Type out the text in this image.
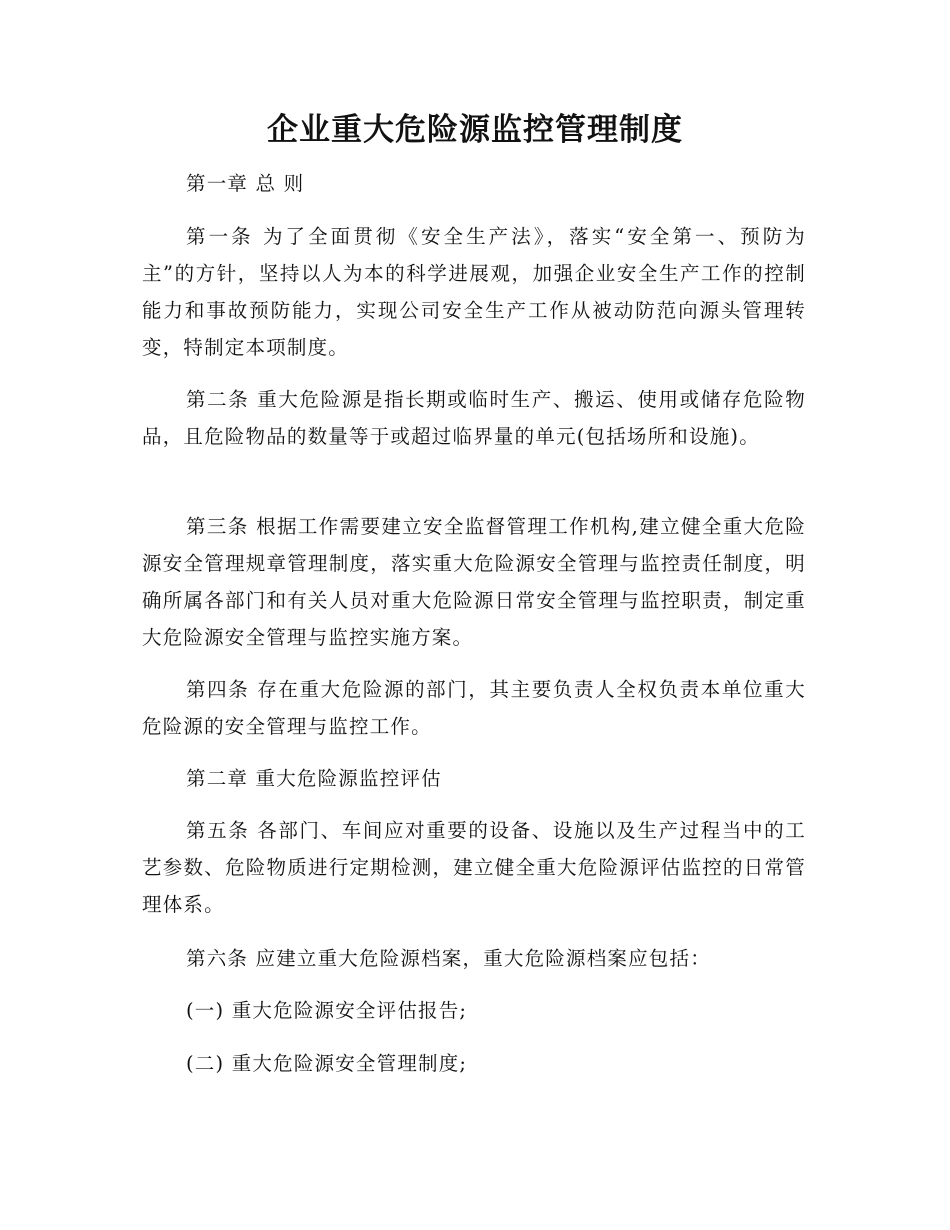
企业重大危险源监控管理制度

第一章 总 则

第一条 为了全面贯彻《安全生产法》，落实“安全第一、预防为主”的方针，坚持以人为本的科学进展观，加强企业安全生产工作的控制能力和事故预防能力，实现公司安全生产工作从被动防范向源头管理转变，特制定本项制度。

第二条 重大危险源是指长期或临时生产、搬运、使用或储存危险物品，且危险物品的数量等于或超过临界量的单元(包括场所和设施)。

第三条 根据工作需要建立安全监督管理工作机构,建立健全重大危险源安全管理规章管理制度，落实重大危险源安全管理与监控责任制度，明确所属各部门和有关人员对重大危险源日常安全管理与监控职责，制定重大危险源安全管理与监控实施方案。

第四条 存在重大危险源的部门，其主要负责人全权负责本单位重大危险源的安全管理与监控工作。

第二章 重大危险源监控评估

第五条 各部门、车间应对重要的设备、设施以及生产过程当中的工艺参数、危险物质进行定期检测，建立健全重大危险源评估监控的日常管理体系。

第六条 应建立重大危险源档案，重大危险源档案应包括：

(一) 重大危险源安全评估报告;

(二) 重大危险源安全管理制度;
